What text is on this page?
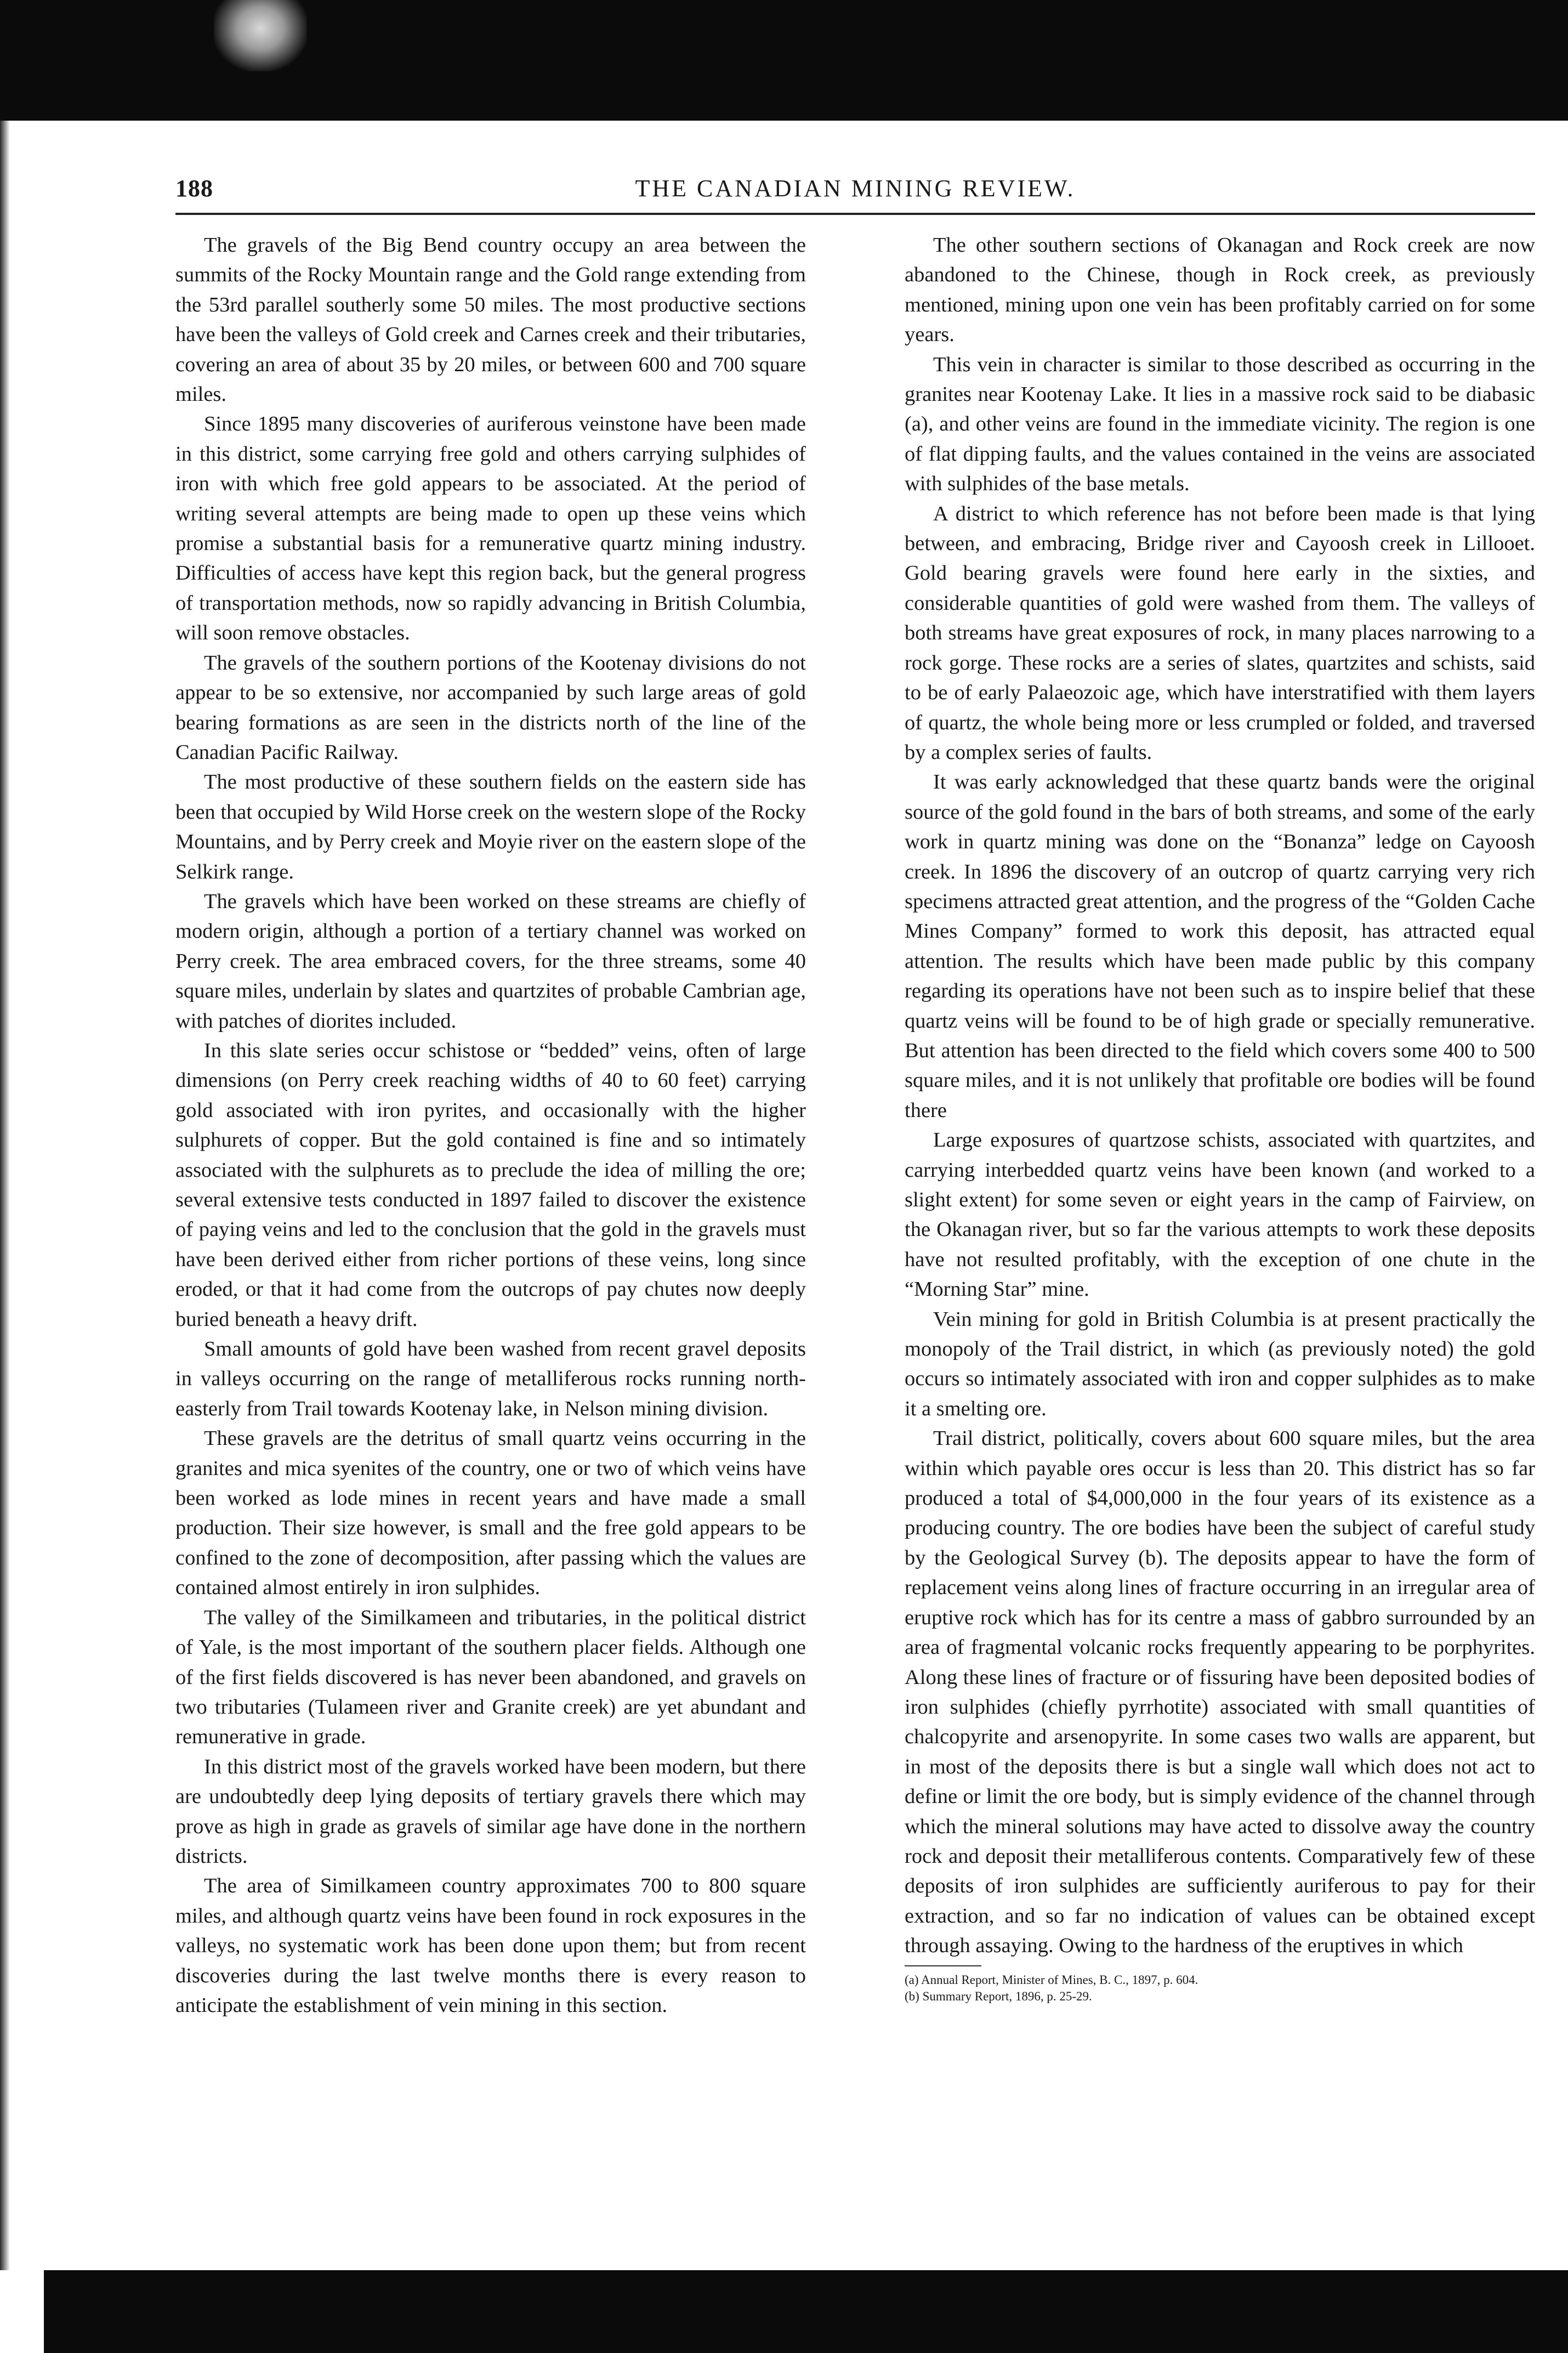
188	THE CANADIAN MINING REVIEW.

The gravels of the Big Bend country occupy an area between the summits of the Rocky Mountain range and the Gold range extending from the 53rd parallel southerly some 50 miles. The most productive sections have been the valleys of Gold creek and Carnes creek and their tributaries, covering an area of about 35 by 20 miles, or between 600 and 700 square miles.

Since 1895 many discoveries of auriferous veinstone have been made in this district, some carrying free gold and others carrying sulphides of iron with which free gold appears to be associated. At the period of writing several attempts are being made to open up these veins which promise a substantial basis for a remunerative quartz mining industry. Difficulties of access have kept this region back, but the general progress of transportation methods, now so rapidly advancing in British Columbia, will soon remove obstacles.

The gravels of the southern portions of the Kootenay divisions do not appear to be so extensive, nor accompanied by such large areas of gold bearing formations as are seen in the districts north of the line of the Canadian Pacific Railway.

The most productive of these southern fields on the eastern side has been that occupied by Wild Horse creek on the western slope of the Rocky Mountains, and by Perry creek and Moyie river on the eastern slope of the Selkirk range.

The gravels which have been worked on these streams are chiefly of modern origin, although a portion of a tertiary channel was worked on Perry creek. The area embraced covers, for the three streams, some 40 square miles, underlain by slates and quartzites of probable Cambrian age, with patches of diorites included.

In this slate series occur schistose or “bedded” veins, often of large dimensions (on Perry creek reaching widths of 40 to 60 feet) carrying gold associated with iron pyrites, and occasionally with the higher sulphurets of copper. But the gold contained is fine and so intimately associated with the sulphurets as to preclude the idea of milling the ore; several extensive tests conducted in 1897 failed to discover the existence of paying veins and led to the conclusion that the gold in the gravels must have been derived either from richer portions of these veins, long since eroded, or that it had come from the outcrops of pay chutes now deeply buried beneath a heavy drift.

Small amounts of gold have been washed from recent gravel deposits in valleys occurring on the range of metalliferous rocks running north-easterly from Trail towards Kootenay lake, in Nelson mining division.

These gravels are the detritus of small quartz veins occurring in the granites and mica syenites of the country, one or two of which veins have been worked as lode mines in recent years and have made a small production. Their size however, is small and the free gold appears to be confined to the zone of decomposition, after passing which the values are contained almost entirely in iron sulphides.

The valley of the Similkameen and tributaries, in the political district of Yale, is the most important of the southern placer fields. Although one of the first fields discovered is has never been abandoned, and gravels on two tributaries (Tulameen river and Granite creek) are yet abundant and remunerative in grade.

In this district most of the gravels worked have been modern, but there are undoubtedly deep lying deposits of tertiary gravels there which may prove as high in grade as gravels of similar age have done in the northern districts.

The area of Similkameen country approximates 700 to 800 square miles, and although quartz veins have been found in rock exposures in the valleys, no systematic work has been done upon them; but from recent discoveries during the last twelve months there is every reason to anticipate the establishment of vein mining in this section.

The other southern sections of Okanagan and Rock creek are now abandoned to the Chinese, though in Rock creek, as previously mentioned, mining upon one vein has been profitably carried on for some years.

This vein in character is similar to those described as occurring in the granites near Kootenay Lake. It lies in a massive rock said to be diabasic (a), and other veins are found in the immediate vicinity. The region is one of flat dipping faults, and the values contained in the veins are associated with sulphides of the base metals.

A district to which reference has not before been made is that lying between, and embracing, Bridge river and Cayoosh creek in Lillooet. Gold bearing gravels were found here early in the sixties, and considerable quantities of gold were washed from them. The valleys of both streams have great exposures of rock, in many places narrowing to a rock gorge. These rocks are a series of slates, quartzites and schists, said to be of early Palaeozoic age, which have interstratified with them layers of quartz, the whole being more or less crumpled or folded, and traversed by a complex series of faults.

It was early acknowledged that these quartz bands were the original source of the gold found in the bars of both streams, and some of the early work in quartz mining was done on the “Bonanza” ledge on Cayoosh creek. In 1896 the discovery of an outcrop of quartz carrying very rich specimens attracted great attention, and the progress of the “Golden Cache Mines Company” formed to work this deposit, has attracted equal attention. The results which have been made public by this company regarding its operations have not been such as to inspire belief that these quartz veins will be found to be of high grade or specially remunerative. But attention has been directed to the field which covers some 400 to 500 square miles, and it is not unlikely that profitable ore bodies will be found there

Large exposures of quartzose schists, associated with quartzites, and carrying interbedded quartz veins have been known (and worked to a slight extent) for some seven or eight years in the camp of Fairview, on the Okanagan river, but so far the various attempts to work these deposits have not resulted profitably, with the exception of one chute in the “Morning Star” mine.

Vein mining for gold in British Columbia is at present practically the monopoly of the Trail district, in which (as previously noted) the gold occurs so intimately associated with iron and copper sulphides as to make it a smelting ore.

Trail district, politically, covers about 600 square miles, but the area within which payable ores occur is less than 20. This district has so far produced a total of $4,000,000 in the four years of its existence as a producing country. The ore bodies have been the subject of careful study by the Geological Survey (b). The deposits appear to have the form of replacement veins along lines of fracture occurring in an irregular area of eruptive rock which has for its centre a mass of gabbro surrounded by an area of fragmental volcanic rocks frequently appearing to be porphyrites. Along these lines of fracture or of fissuring have been deposited bodies of iron sulphides (chiefly pyrrhotite) associated with small quantities of chalcopyrite and arsenopyrite. In some cases two walls are apparent, but in most of the deposits there is but a single wall which does not act to define or limit the ore body, but is simply evidence of the channel through which the mineral solutions may have acted to dissolve away the country rock and deposit their metalliferous contents. Comparatively few of these deposits of iron sulphides are sufficiently auriferous to pay for their extraction, and so far no indication of values can be obtained except through assaying. Owing to the hardness of the eruptives in which

(a) Annual Report, Minister of Mines, B. C., 1897, p. 604.

(b) Summary Report, 1896, p. 25-29.
